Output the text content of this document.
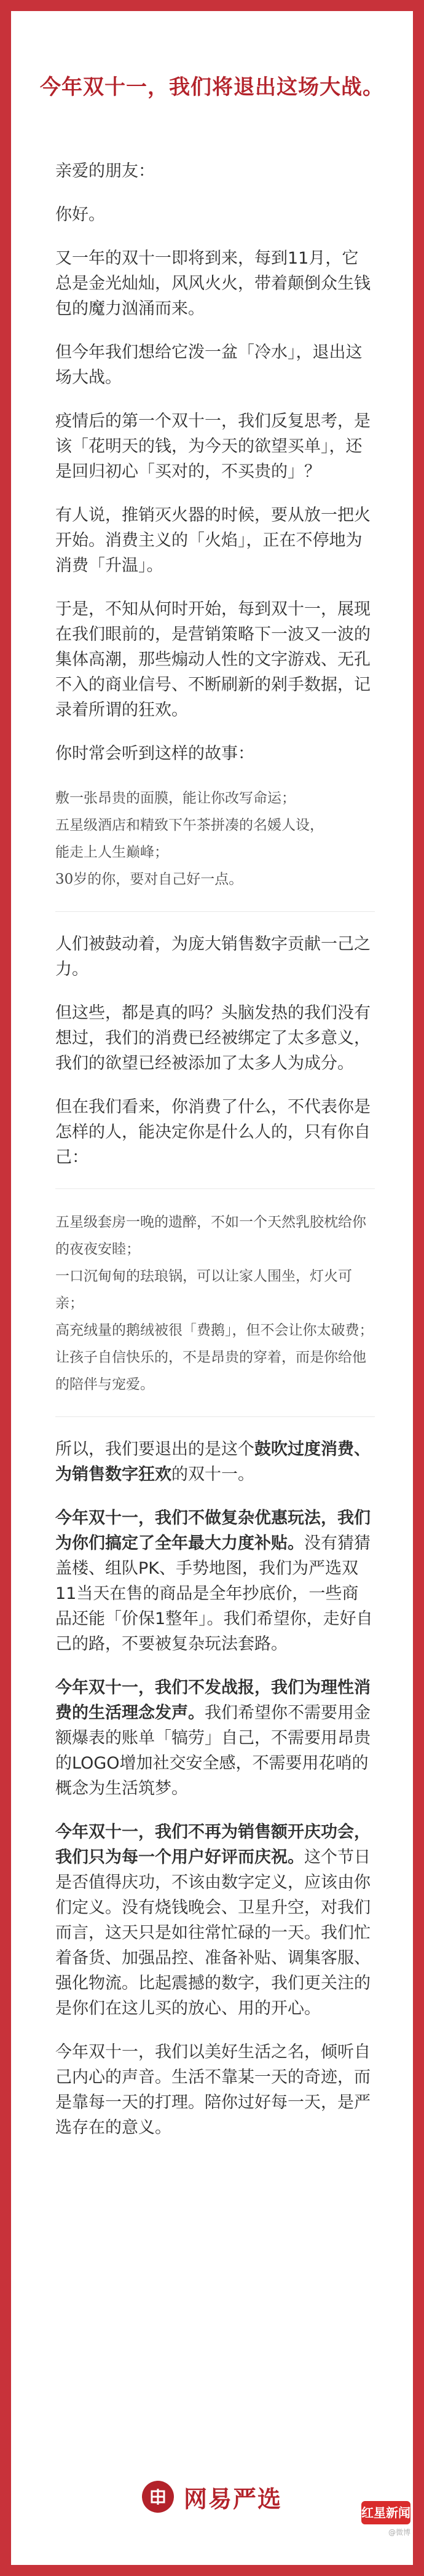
今年双十一，我们将退出这场大战。

亲爱的朋友：

你好。

又一年的双十一即将到来，每到11月，它总是金光灿灿，风风火火，带着颠倒众生钱包的魔力汹涌而来。

但今年我们想给它泼一盆「冷水」，退出这场大战。

疫情后的第一个双十一，我们反复思考，是该「花明天的钱，为今天的欲望买单」，还是回归初心「买对的，不买贵的」？

有人说，推销灭火器的时候，要从放一把火开始。消费主义的「火焰」，正在不停地为消费「升温」。

于是，不知从何时开始，每到双十一，展现在我们眼前的，是营销策略下一波又一波的集体高潮，那些煽动人性的文字游戏、无孔不入的商业信号、不断刷新的剁手数据，记录着所谓的狂欢。

你时常会听到这样的故事：

敷一张昂贵的面膜，能让你改写命运；
五星级酒店和精致下午茶拼凑的名媛人设，
能走上人生巅峰；
30岁的你，要对自己好一点。

人们被鼓动着，为庞大销售数字贡献一己之力。

但这些，都是真的吗？头脑发热的我们没有想过，我们的消费已经被绑定了太多意义，我们的欲望已经被添加了太多人为成分。

但在我们看来，你消费了什么，不代表你是怎样的人，能决定你是什么人的，只有你自己：

五星级套房一晚的遗醉，不如一个天然乳胶枕给你的夜夜安睦；
一口沉甸甸的珐琅锅，可以让家人围坐，灯火可亲；
高充绒量的鹅绒被很「费鹅」，但不会让你太破费；
让孩子自信快乐的，不是昂贵的穿着，而是你给他的陪伴与宠爱。

所以，我们要退出的是这个鼓吹过度消费、为销售数字狂欢的双十一。

今年双十一，我们不做复杂优惠玩法，我们为你们搞定了全年最大力度补贴。没有猜猜盖楼、组队PK、手势地图，我们为严选双11当天在售的商品是全年抄底价，一些商品还能「价保1整年」。我们希望你，走好自己的路，不要被复杂玩法套路。

今年双十一，我们不发战报，我们为理性消费的生活理念发声。我们希望你不需要用金额爆表的账单「犒劳」自己，不需要用昂贵的LOGO增加社交安全感，不需要用花哨的概念为生活筑梦。

今年双十一，我们不再为销售额开庆功会，我们只为每一个用户好评而庆祝。这个节日是否值得庆功，不该由数字定义，应该由你们定义。没有烧钱晚会、卫星升空，对我们而言，这天只是如往常忙碌的一天。我们忙着备货、加强品控、准备补贴、调集客服、强化物流。比起震撼的数字，我们更关注的是你们在这儿买的放心、用的开心。

今年双十一，我们以美好生活之名，倾听自己内心的声音。生活不靠某一天的奇迹，而是靠每一天的打理。陪你过好每一天，是严选存在的意义。

网易严选
红星新闻
@微博
